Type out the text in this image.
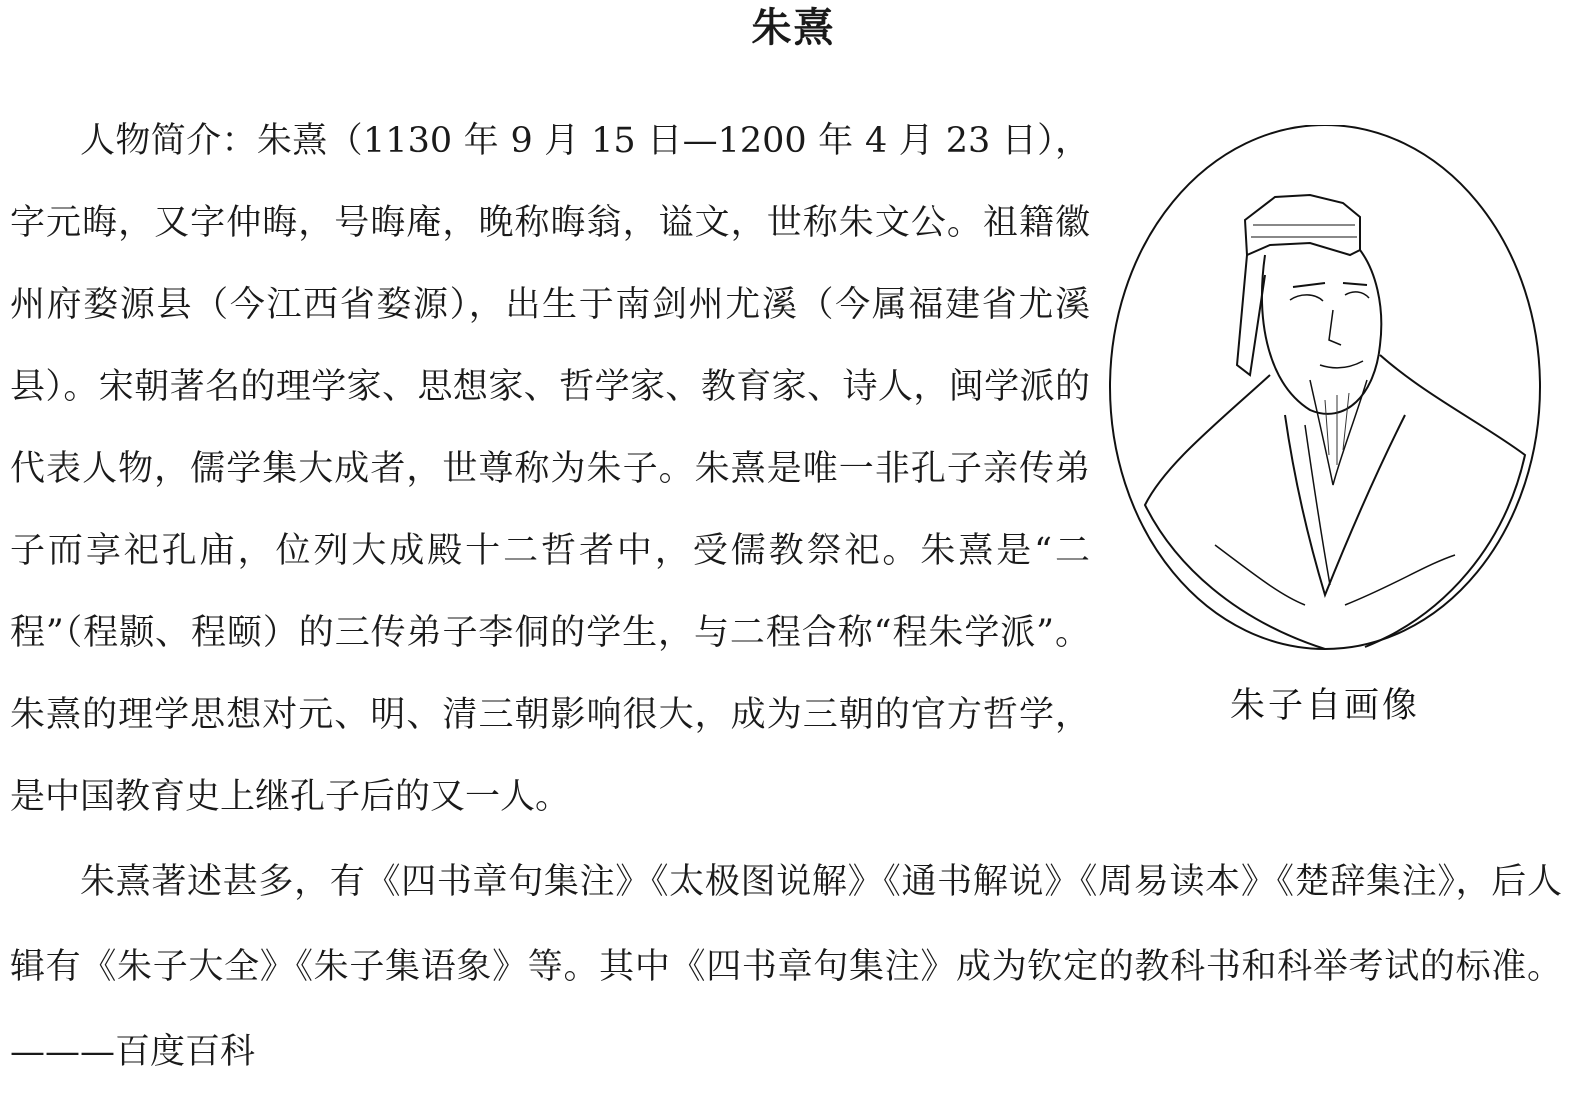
朱熹

人物简介：朱熹（1130 年 9 月 15 日—1200 年 4 月 23 日），字元晦，又字仲晦，号晦庵，晚称晦翁，谥文，世称朱文公。祖籍徽州府婺源县（今江西省婺源），出生于南剑州尤溪（今属福建省尤溪县）。宋朝著名的理学家、思想家、哲学家、教育家、诗人，闽学派的代表人物，儒学集大成者，世尊称为朱子。朱熹是唯一非孔子亲传弟子而享祀孔庙，位列大成殿十二哲者中，受儒教祭祀。朱熹是“二程”（程颢、程颐）的三传弟子李侗的学生，与二程合称“程朱学派”。朱熹的理学思想对元、明、清三朝影响很大，成为三朝的官方哲学，是中国教育史上继孔子后的又一人。

朱子自画像

朱熹著述甚多，有《四书章句集注》《太极图说解》《通书解说》《周易读本》《楚辞集注》，后人辑有《朱子大全》《朱子集语象》等。其中《四书章句集注》成为钦定的教科书和科举考试的标准。———百度百科
